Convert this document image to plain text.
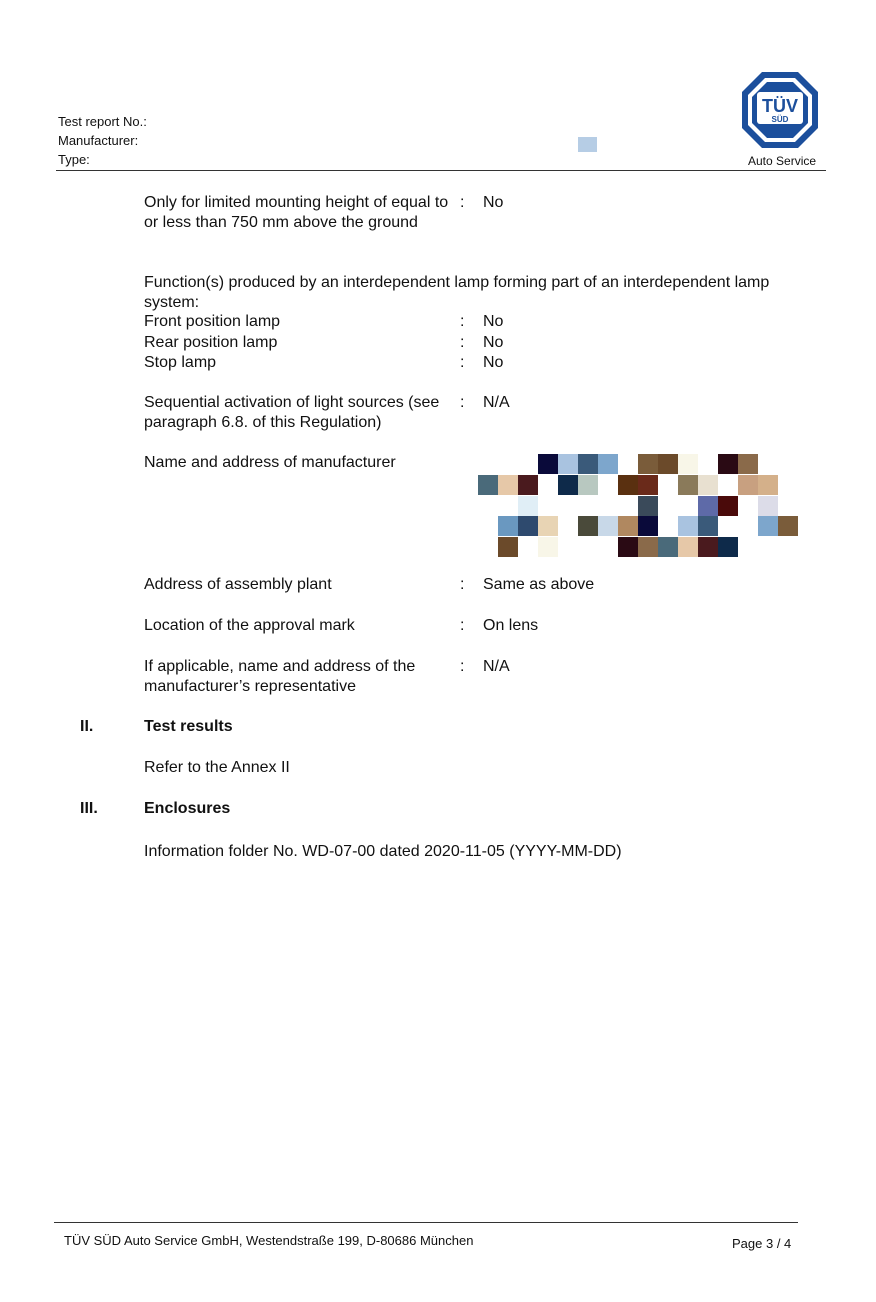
Test report No.:
Manufacturer:
Type:
TÜV
SÜD
Auto Service
Only for limited mounting height of equal to or less than 750 mm above the ground
: No
Function(s) produced by an interdependent lamp forming part of an interdependent lamp system:
Front position lamp	: No
Rear position lamp	: No
Stop lamp	: No
Sequential activation of light sources (see paragraph 6.8. of this Regulation)
: N/A
Name and address of manufacturer
Address of assembly plant	: Same as above
Location of the approval mark	: On lens
If applicable, name and address of the manufacturer’s representative
: N/A
II.	Test results
Refer to the Annex II
III.	Enclosures
Information folder No. WD-07-00 dated 2020-11-05 (YYYY-MM-DD)
TÜV SÜD Auto Service GmbH, Westendstraße 199, D-80686 München	Page 3 / 4
